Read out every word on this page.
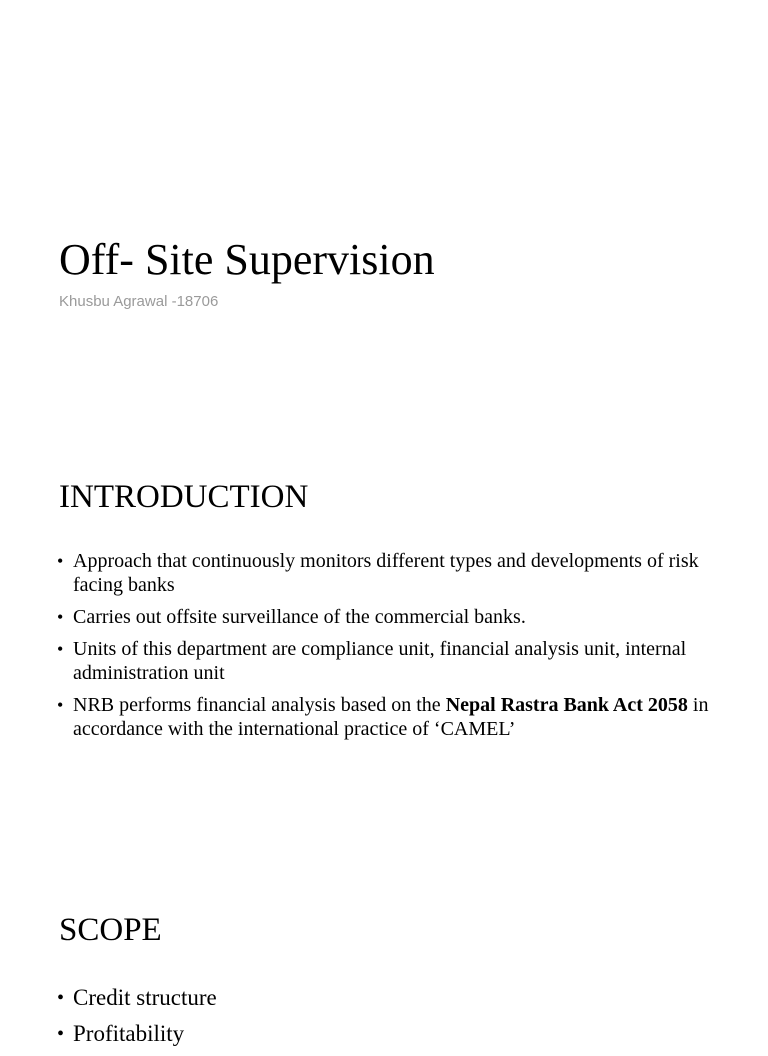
Off- Site Supervision

Khusbu Agrawal -18706

INTRODUCTION
• Approach that continuously monitors different types and developments of risk facing banks
• Carries out offsite surveillance of the commercial banks.
• Units of this department are compliance unit, financial analysis unit, internal administration unit
• NRB performs financial analysis based on the Nepal Rastra Bank Act 2058 in accordance with the international practice of ‘CAMEL’
SCOPE
• Credit structure
• Profitability
